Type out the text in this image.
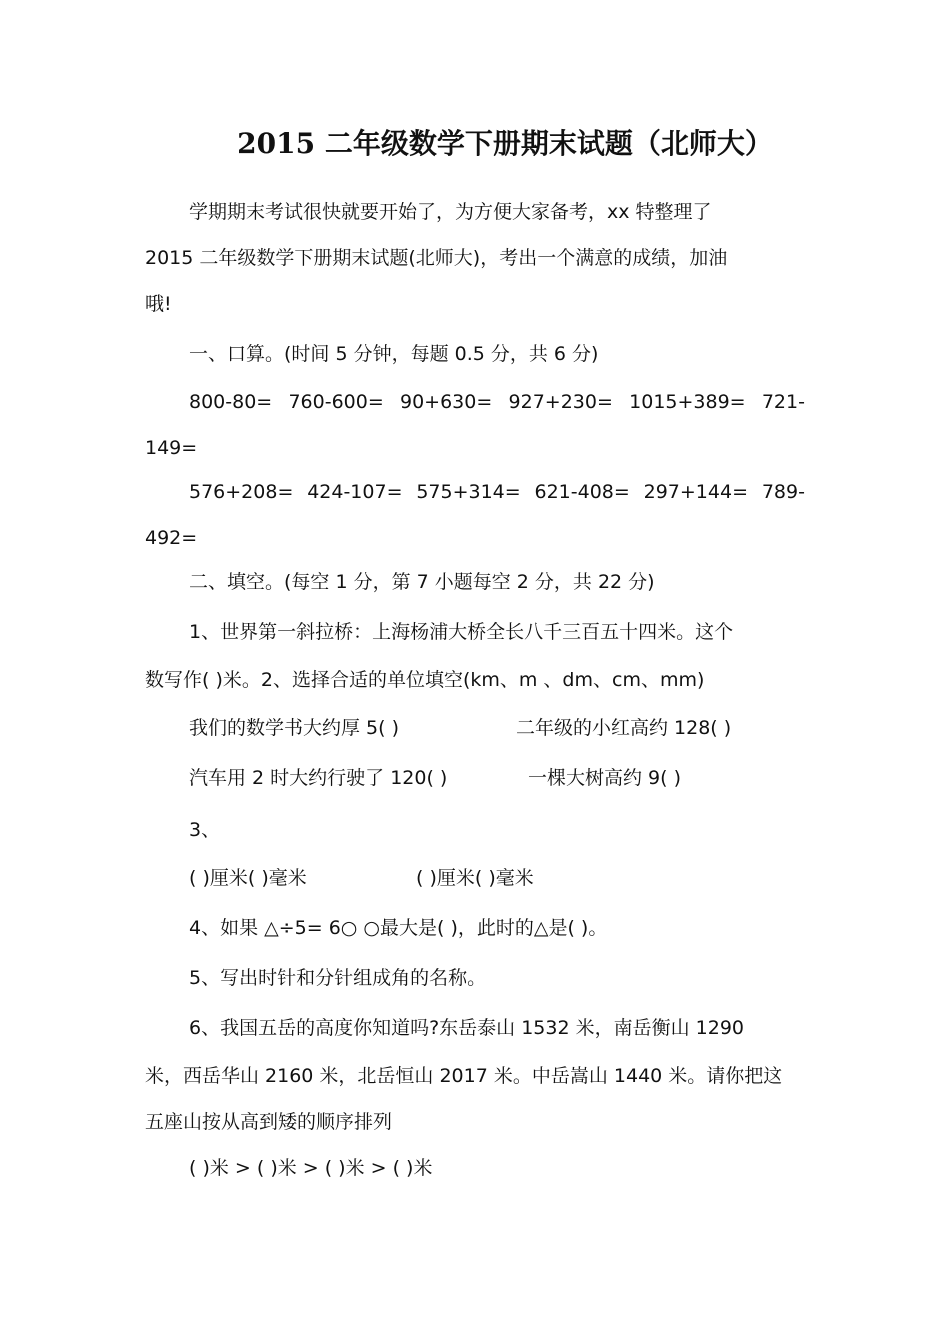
2015 二年级数学下册期末试题（北师大）
学期期末考试很快就要开始了，为方便大家备考，xx 特整理了
2015 二年级数学下册期末试题(北师大)，考出一个满意的成绩，加油
哦!
一、口算。(时间 5 分钟，每题 0.5 分，共 6 分)
800-80= 760-600= 90+630= 927+230= 1015+389= 721-
149=
576+208= 424-107= 575+314= 621-408= 297+144= 789-
492=
二、填空。(每空 1 分，第 7 小题每空 2 分，共 22 分)
1、世界第一斜拉桥：上海杨浦大桥全长八千三百五十四米。这个
数写作( )米。2、选择合适的单位填空(km、m 、dm、cm、mm)
我们的数学书大约厚 5( )	二年级的小红高约 128( )
汽车用 2 时大约行驶了 120( )	一棵大树高约 9( )
3、
( )厘米( )毫米	( )厘米( )毫米
4、如果 △÷5= 6○ ○最大是( )，此时的△是( )。
5、写出时针和分针组成角的名称。
6、我国五岳的高度你知道吗?东岳泰山 1532 米，南岳衡山 1290
米，西岳华山 2160 米，北岳恒山 2017 米。中岳嵩山 1440 米。请你把这
五座山按从高到矮的顺序排列
( )米 > ( )米 > ( )米 > ( )米
